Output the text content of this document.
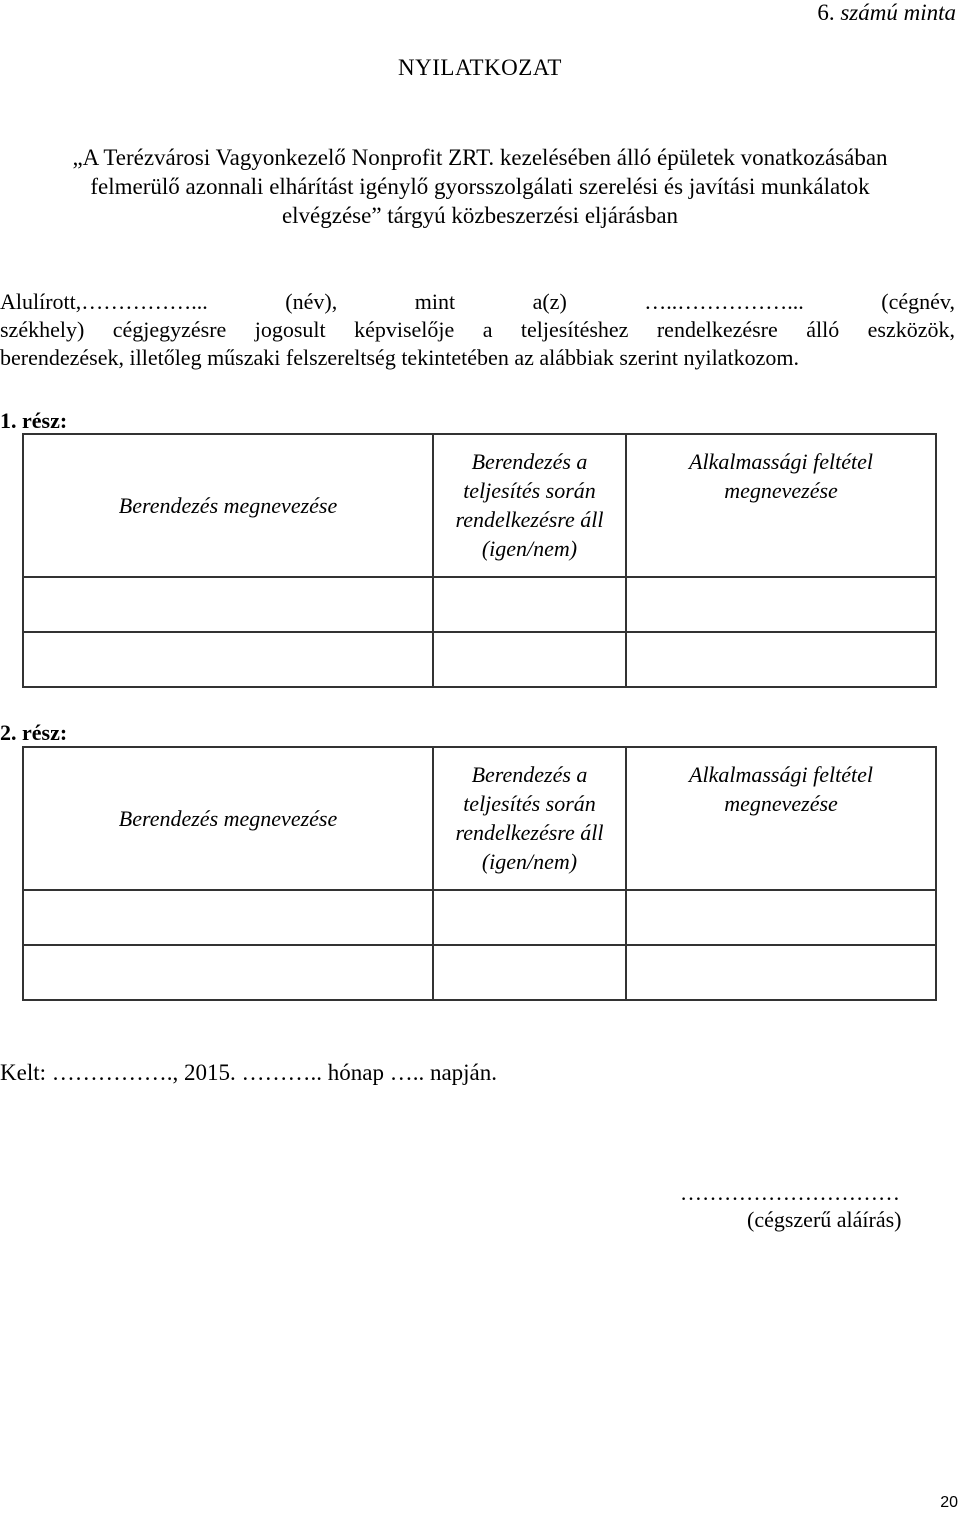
6. számú minta
NYILATKOZAT
„A Terézvárosi Vagyonkezelő Nonprofit ZRT. kezelésében álló épületek vonatkozásában
felmerülő azonnali elhárítást igénylő gyorsszolgálati szerelési és javítási munkálatok
elvégzése” tárgyú közbeszerzési eljárásban
Alulírott,……………... (név), mint a(z) …..……………... (cégnév,
székhely) cégjegyzésre jogosult képviselője a teljesítéshez rendelkezésre álló eszközök,
berendezések, illetőleg műszaki felszereltség tekintetében az alábbiak szerint nyilatkozom.
1. rész:
Berendezés megnevezése	Berendezés a teljesítés során rendelkezésre áll (igen/nem)	Alkalmassági feltétel megnevezése

2. rész:
Berendezés megnevezése	Berendezés a teljesítés során rendelkezésre áll (igen/nem)	Alkalmassági feltétel megnevezése

Kelt: ……………., 2015. ……….. hónap ….. napján.
…………………………
(cégszerű aláírás)
20
